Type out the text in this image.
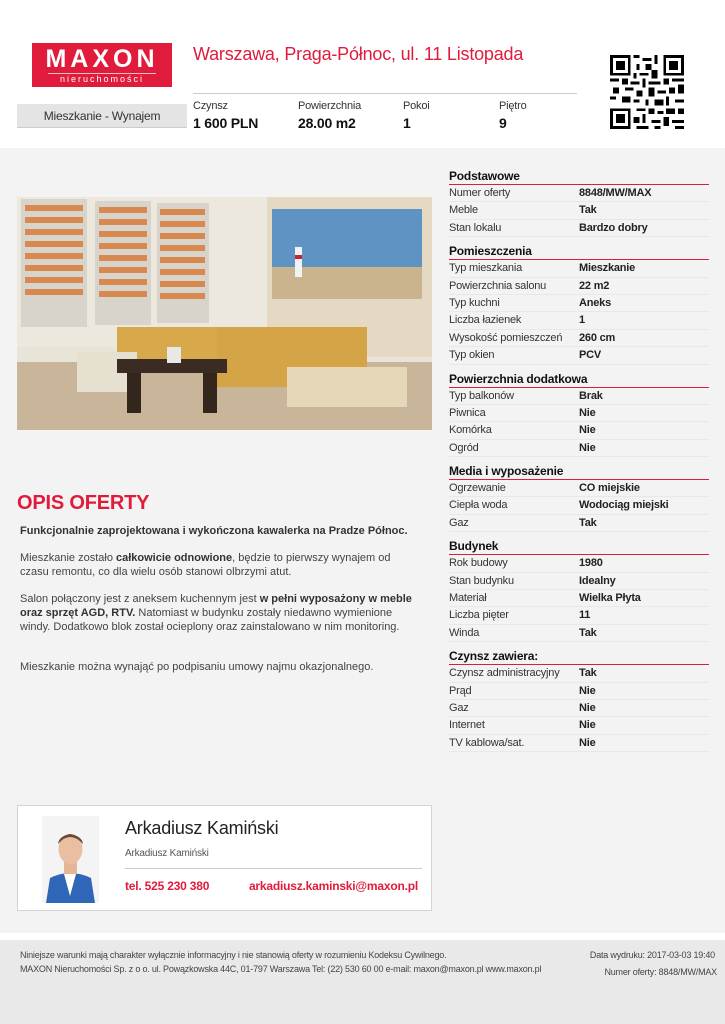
MAXON
nieruchomości
Mieszkanie - Wynajem
Warszawa, Praga-Północ, ul. 11 Listopada
Czynsz
1 600 PLN
Powierzchnia
28.00 m2
Pokoi
1
Piętro
9
OPIS OFERTY

Funkcjonalnie zaprojektowana i wykończona kawalerka na Pradze Północ.

Mieszkanie zostało całkowicie odnowione, będzie to pierwszy wynajem od czasu remontu, co dla wielu osób stanowi olbrzymi atut.

Salon połączony jest z aneksem kuchennym jest w pełni wyposażony w meble oraz sprzęt AGD, RTV. Natomiast w budynku zostały niedawno wymienione windy. Dodatkowo blok został ocieplony oraz zainstalowano w nim monitoring.

Mieszkanie można wynająć po podpisaniu umowy najmu okazjonalnego.

Podstawowe
Numer oferty	8848/MW/MAX
Meble	Tak
Stan lokalu	Bardzo dobry
Pomieszczenia
Typ mieszkania	Mieszkanie
Powierzchnia salonu	22 m2
Typ kuchni	Aneks
Liczba łazienek	1
Wysokość pomieszczeń	260 cm
Typ okien	PCV
Powierzchnia dodatkowa
Typ balkonów	Brak
Piwnica	Nie
Komórka	Nie
Ogród	Nie
Media i wyposażenie
Ogrzewanie	CO miejskie
Ciepła woda	Wodociąg miejski
Gaz	Tak
Budynek
Rok budowy	1980
Stan budynku	Idealny
Materiał	Wielka Płyta
Liczba pięter	11
Winda	Tak
Czynsz zawiera:
Czynsz administracyjny	Tak
Prąd	Nie
Gaz	Nie
Internet	Nie
TV kablowa/sat.	Nie
Arkadiusz Kamiński
Arkadiusz Kamiński
tel. 525 230 380	arkadiusz.kaminski@maxon.pl
Niniejsze warunki mają charakter wyłącznie informacyjny i nie stanowią oferty w rozumieniu Kodeksu Cywilnego.
MAXON Nieruchomości Sp. z o o. ul. Powązkowska 44C, 01-797 Warszawa Tel: (22) 530 60 00 e-mail: maxon@maxon.pl www.maxon.pl
Data wydruku: 2017-03-03 19:40
Numer oferty: 8848/MW/MAX
